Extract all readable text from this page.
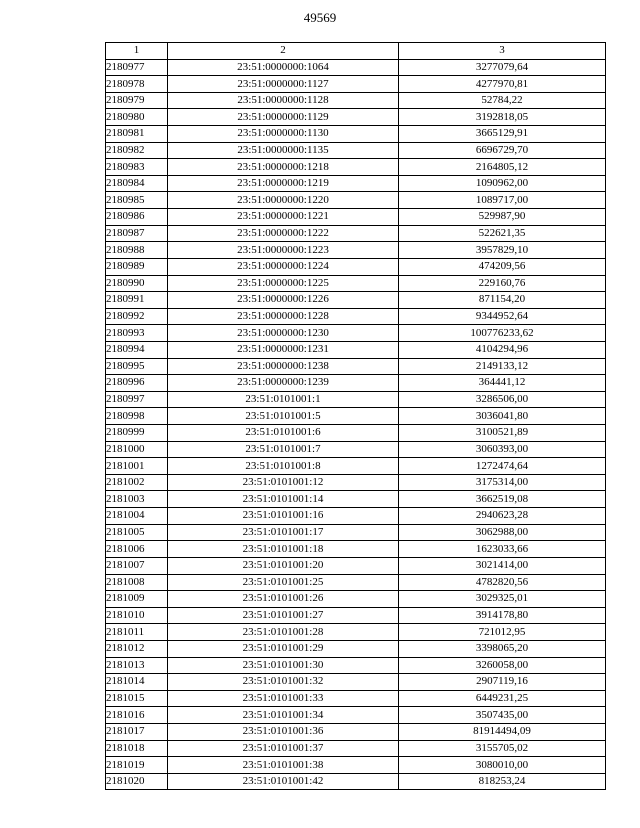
49569
1	2	3
2180977	23:51:0000000:1064	3277079,64
2180978	23:51:0000000:1127	4277970,81
2180979	23:51:0000000:1128	52784,22
2180980	23:51:0000000:1129	3192818,05
2180981	23:51:0000000:1130	3665129,91
2180982	23:51:0000000:1135	6696729,70
2180983	23:51:0000000:1218	2164805,12
2180984	23:51:0000000:1219	1090962,00
2180985	23:51:0000000:1220	1089717,00
2180986	23:51:0000000:1221	529987,90
2180987	23:51:0000000:1222	522621,35
2180988	23:51:0000000:1223	3957829,10
2180989	23:51:0000000:1224	474209,56
2180990	23:51:0000000:1225	229160,76
2180991	23:51:0000000:1226	871154,20
2180992	23:51:0000000:1228	9344952,64
2180993	23:51:0000000:1230	100776233,62
2180994	23:51:0000000:1231	4104294,96
2180995	23:51:0000000:1238	2149133,12
2180996	23:51:0000000:1239	364441,12
2180997	23:51:0101001:1	3286506,00
2180998	23:51:0101001:5	3036041,80
2180999	23:51:0101001:6	3100521,89
2181000	23:51:0101001:7	3060393,00
2181001	23:51:0101001:8	1272474,64
2181002	23:51:0101001:12	3175314,00
2181003	23:51:0101001:14	3662519,08
2181004	23:51:0101001:16	2940623,28
2181005	23:51:0101001:17	3062988,00
2181006	23:51:0101001:18	1623033,66
2181007	23:51:0101001:20	3021414,00
2181008	23:51:0101001:25	4782820,56
2181009	23:51:0101001:26	3029325,01
2181010	23:51:0101001:27	3914178,80
2181011	23:51:0101001:28	721012,95
2181012	23:51:0101001:29	3398065,20
2181013	23:51:0101001:30	3260058,00
2181014	23:51:0101001:32	2907119,16
2181015	23:51:0101001:33	6449231,25
2181016	23:51:0101001:34	3507435,00
2181017	23:51:0101001:36	81914494,09
2181018	23:51:0101001:37	3155705,02
2181019	23:51:0101001:38	3080010,00
2181020	23:51:0101001:42	818253,24
